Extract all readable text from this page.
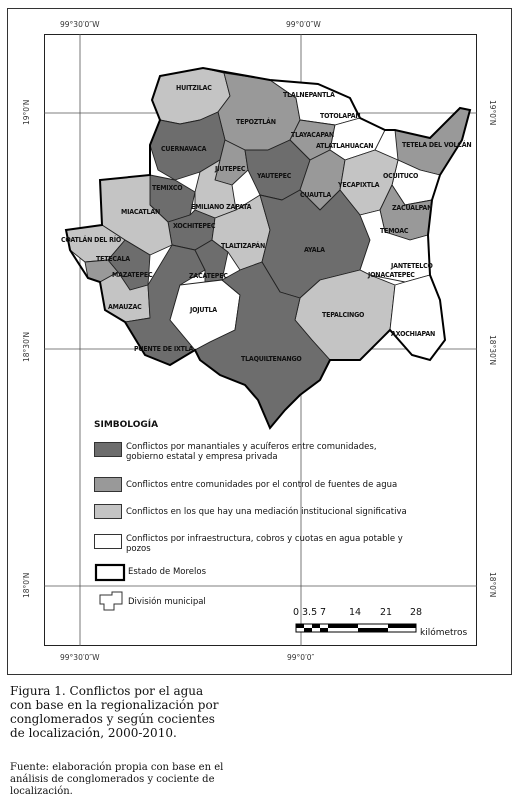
99°30′0″W	99°0′0″W
99°30′0″W	99°0′0″
19°0′N
18°30′N
18°0′N
19°0′N
18°30′N
18°0′N
HUITZILAC
TLALNEPANTLA
TOTOLAPAN
TEPOZTLÁN
TLAYACAPAN
ATLATLAHUACAN	TETELA DEL VOLCÁN
CUERNAVACA
JIUTEPEC
YAUTEPEC	OCUITUCO
YECAPIXTLA
CUAUTLA
ZACUALPAN
TEMIXCO
EMILIANO ZAPATA
MIACATLÁN
XOCHITEPEC
TEMOAC
COATLÁN DEL RÍO
TLALTIZAPÁN	AYALA
JANTETELCO
TETECALA
MAZATEPEC	ZACATEPEC	JONACATEPEC
AMAUZAC	JOJUTLA
TEPALCINGO
AXOCHIAPAN
PUENTE DE IXTLA
TLAQUILTENANGO
SIMBOLOGÍA
Conflictos por manantiales y acuíferos entre comunidades, gobierno estatal y empresa privada
Conflictos entre comunidades por el control de fuentes de agua
Conflictos en los que hay una mediación institucional significativa
Conflictos por infraestructura, cobros y cuotas en agua potable y pozos
Estado de Morelos
División municipal
0 3.5 7 14 21 28
kilómetros
Figura 1. Conflictos por el agua con base en la regionalización por conglomerados y según cocientes de localización, 2000-2010.
Fuente: elaboración propia con base en el análisis de conglomerados y cociente de localización.
